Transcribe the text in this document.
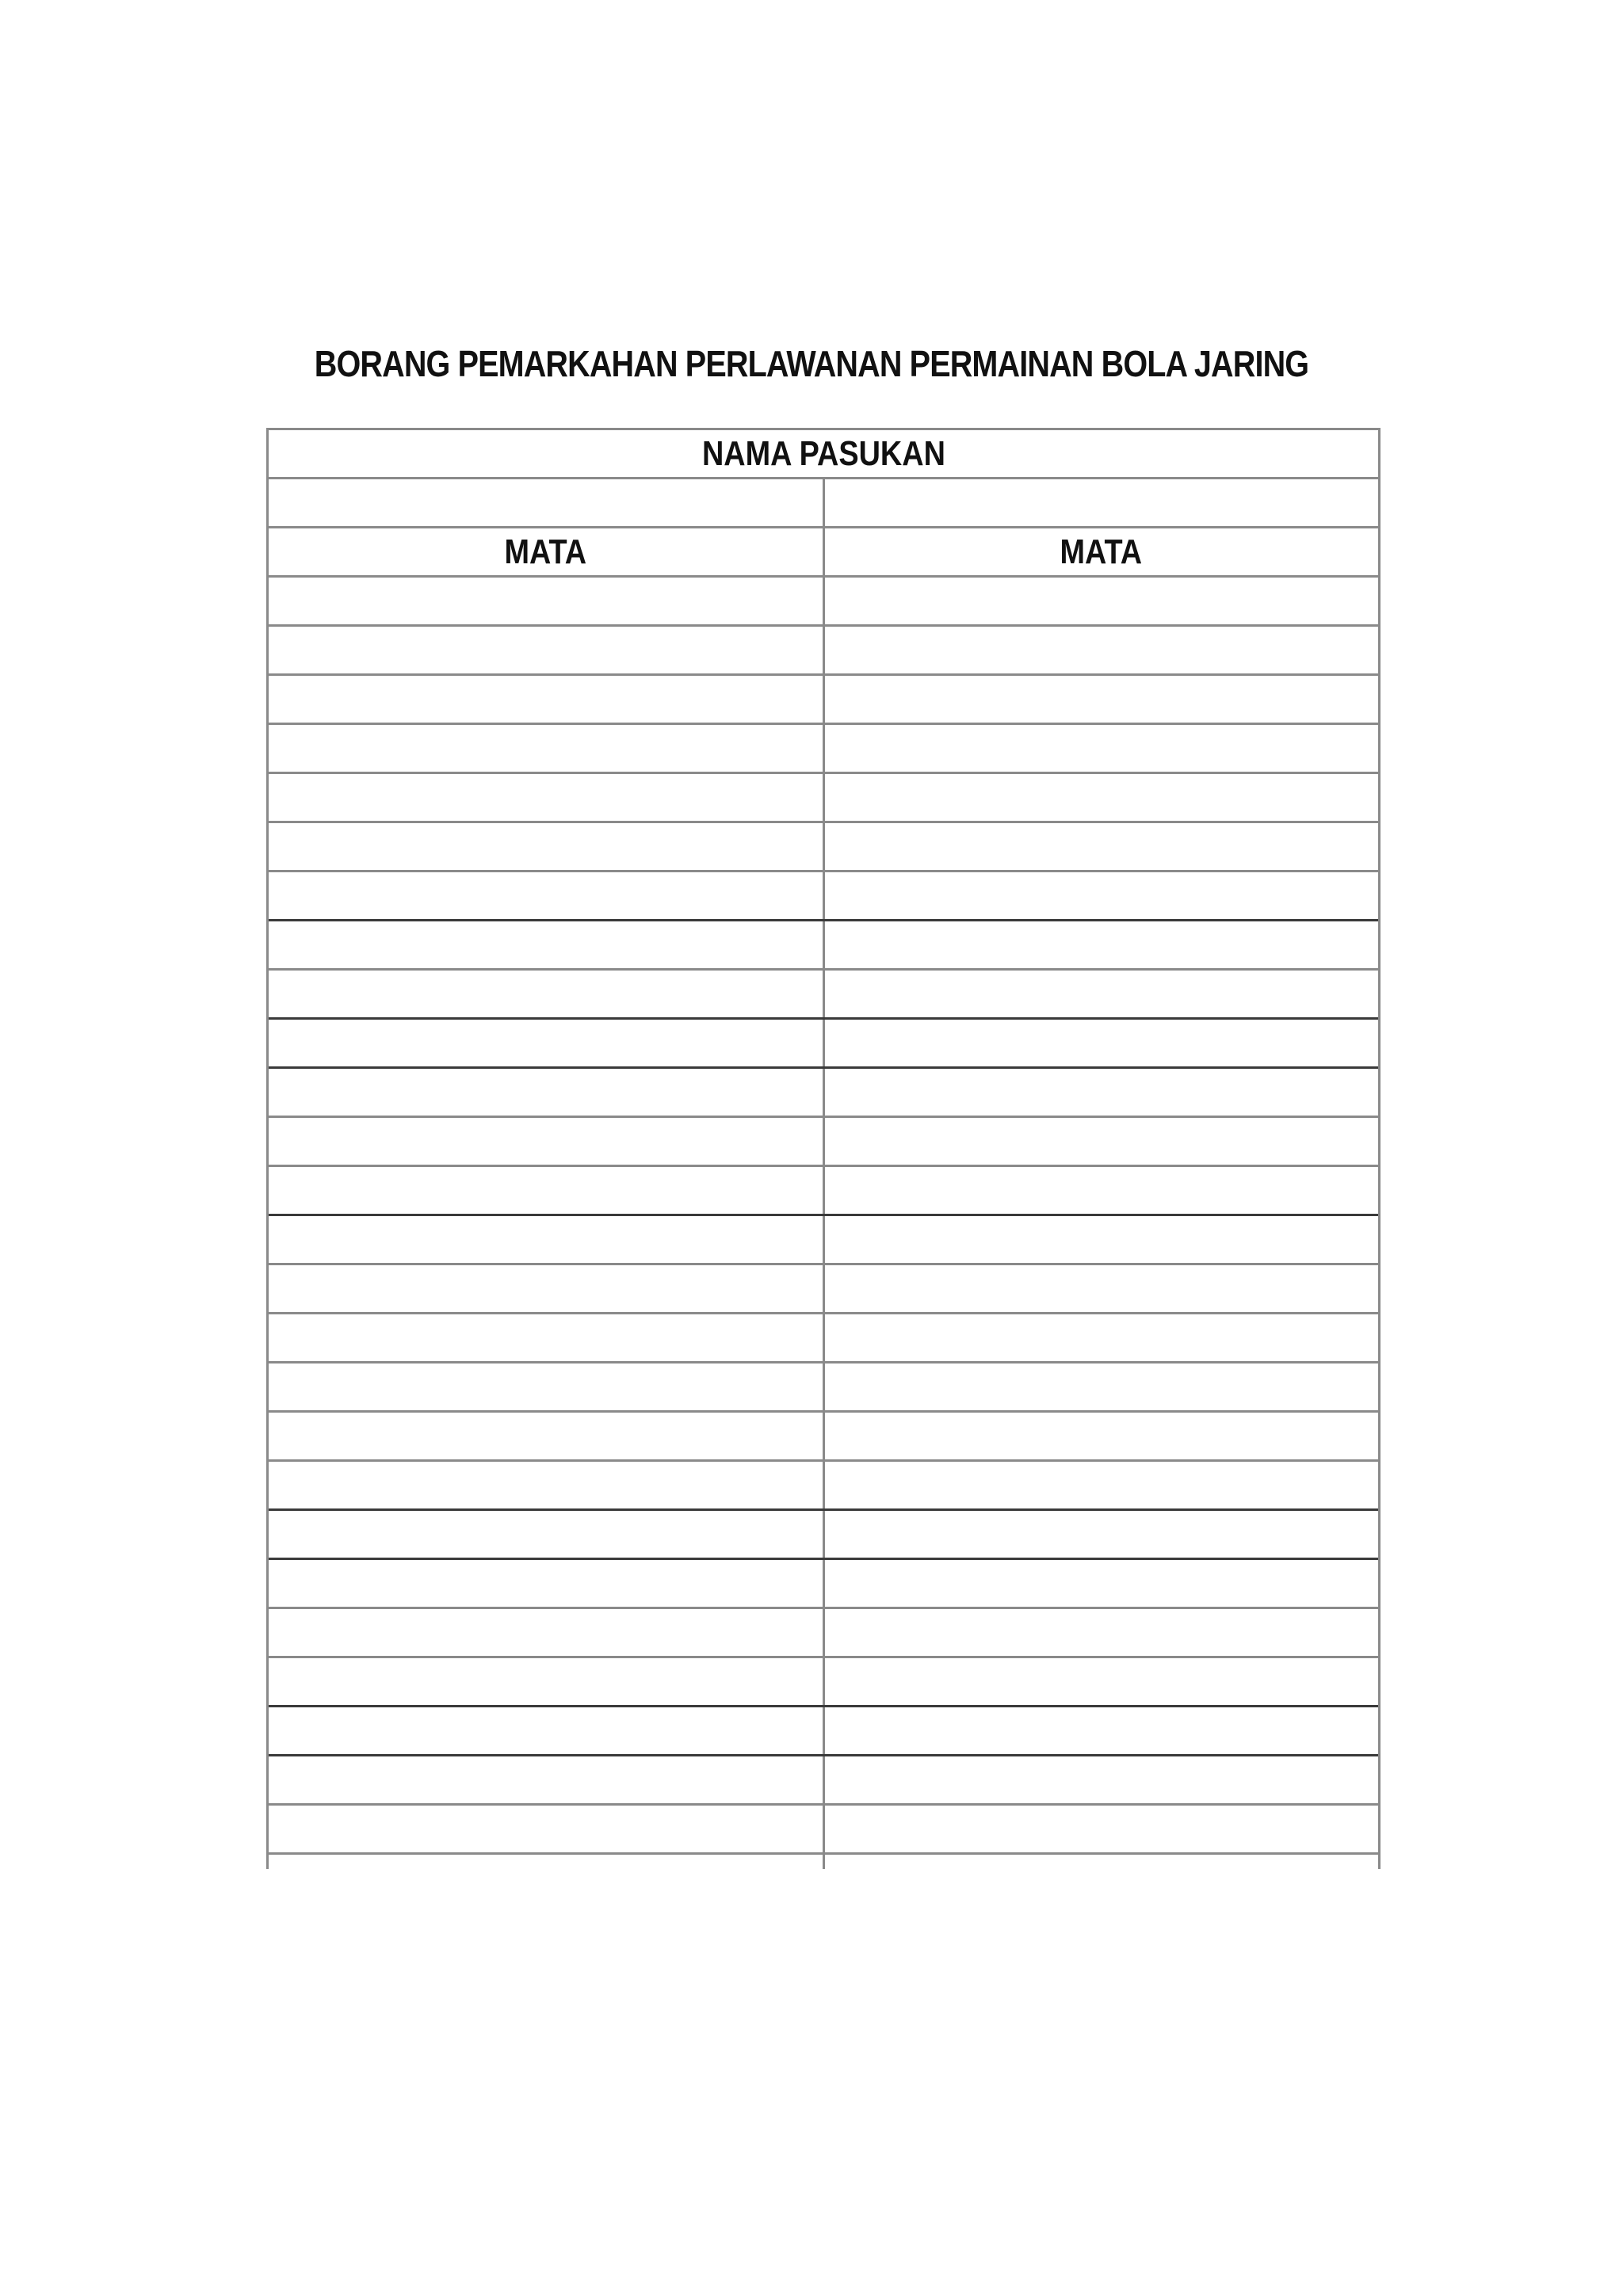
BORANG PEMARKAHAN PERLAWANAN PERMAINAN BOLA JARING
NAMA PASUKAN
MATA	MATA
